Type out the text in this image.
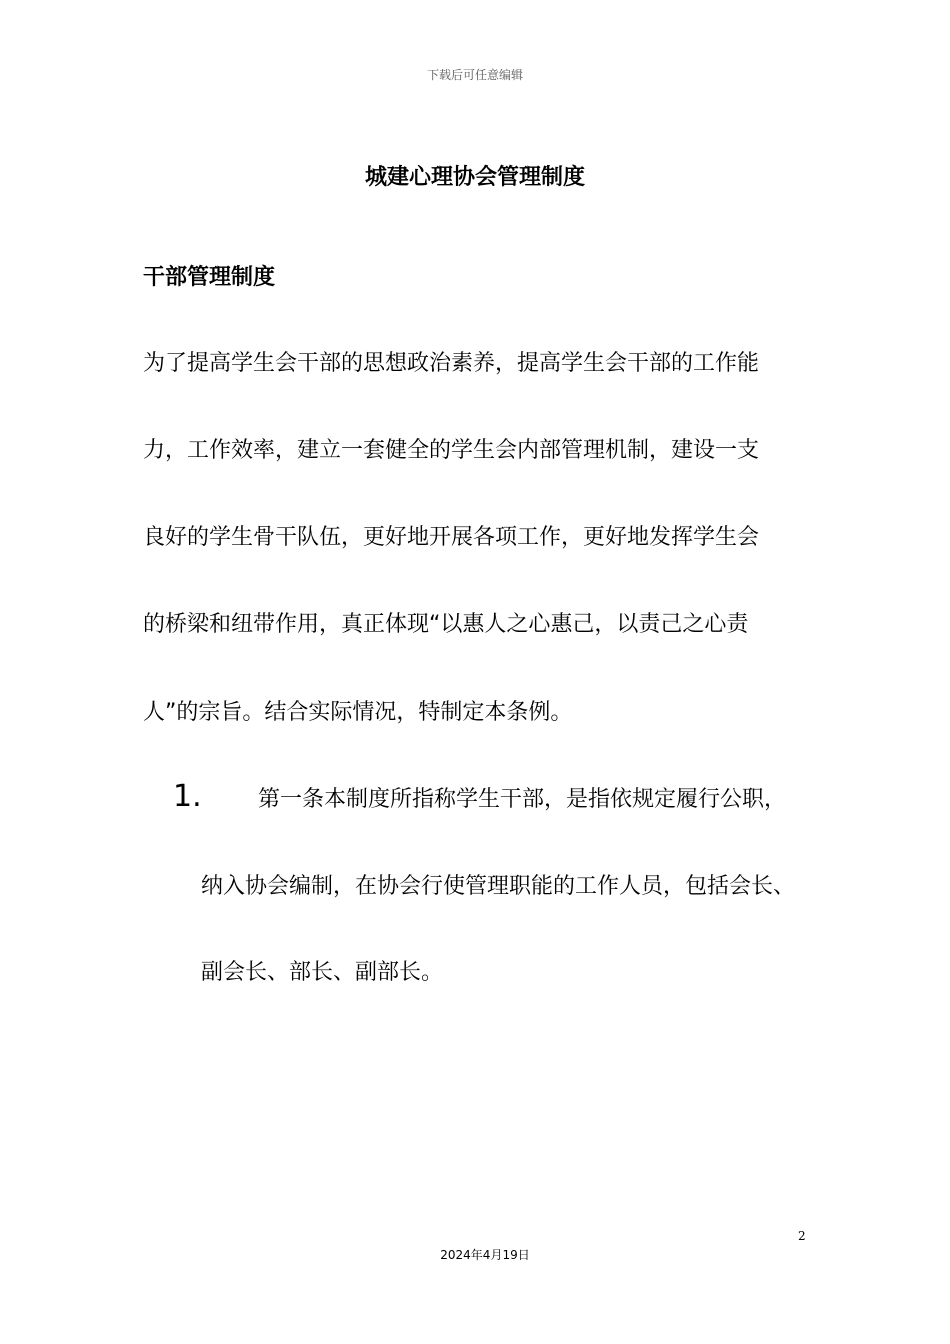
下载后可任意编辑
城建心理协会管理制度
干部管理制度
为了提高学生会干部的思想政治素养，提高学生会干部的工作能
力，工作效率，建立一套健全的学生会内部管理机制，建设一支
良好的学生骨干队伍，更好地开展各项工作，更好地发挥学生会
的桥梁和纽带作用，真正体现“以惠人之心惠己，以责己之心责
人”的宗旨。结合实际情况，特制定本条例。
1.	第一条本制度所指称学生干部，是指依规定履行公职，
纳入协会编制，在协会行使管理职能的工作人员，包括会长、
副会长、部长、副部长。
2
2024年4月19日
